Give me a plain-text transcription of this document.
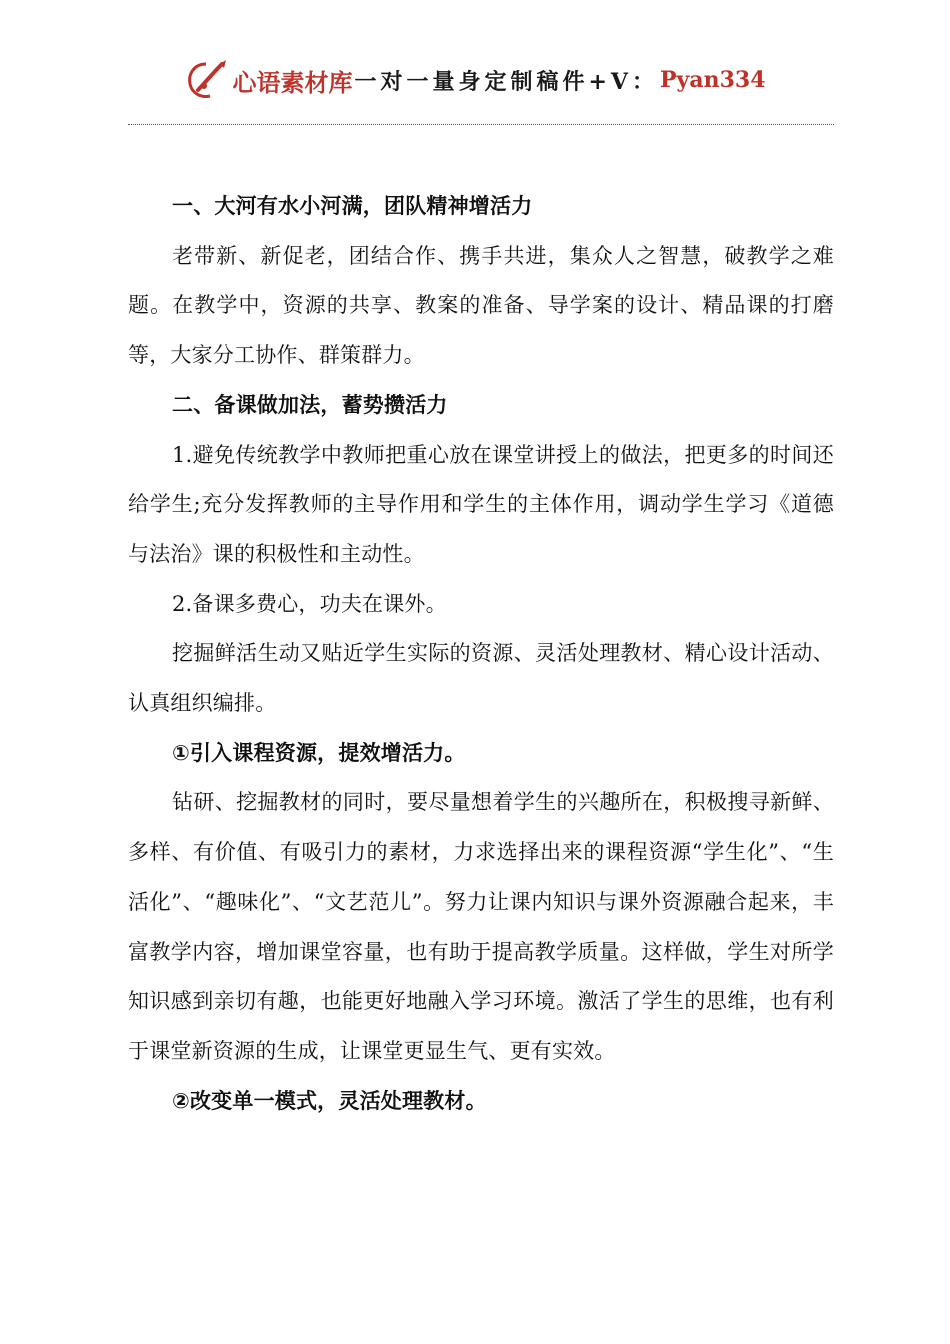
心语素材库 一对一量身定制稿件+V： Pyan334

一、大河有水小河满，团队精神增活力

老带新、新促老，团结合作、携手共进，集众人之智慧，破教学之难题。在教学中，资源的共享、教案的准备、导学案的设计、精品课的打磨等，大家分工协作、群策群力。

二、备课做加法，蓄势攒活力

1.避免传统教学中教师把重心放在课堂讲授上的做法，把更多的时间还给学生;充分发挥教师的主导作用和学生的主体作用，调动学生学习《道德与法治》课的积极性和主动性。

2.备课多费心，功夫在课外。

挖掘鲜活生动又贴近学生实际的资源、灵活处理教材、精心设计活动、认真组织编排。

①引入课程资源，提效增活力。

钻研、挖掘教材的同时，要尽量想着学生的兴趣所在，积极搜寻新鲜、多样、有价值、有吸引力的素材，力求选择出来的课程资源“学生化”、“生活化”、“趣味化”、“文艺范儿”。努力让课内知识与课外资源融合起来，丰富教学内容，增加课堂容量，也有助于提高教学质量。这样做，学生对所学知识感到亲切有趣，也能更好地融入学习环境。激活了学生的思维，也有利于课堂新资源的生成，让课堂更显生气、更有实效。

②改变单一模式，灵活处理教材。
